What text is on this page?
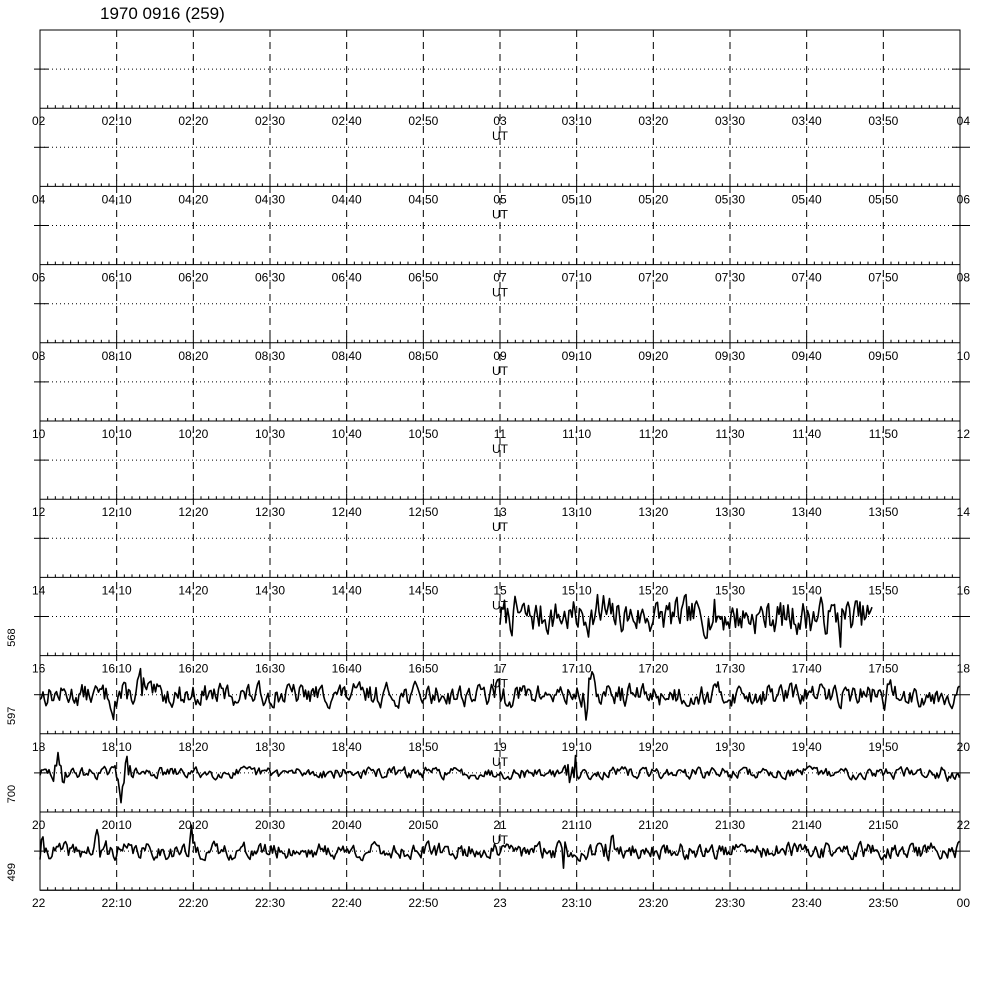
1970 0916 (259)
568
597
700
499
02	02:10	02:20	02:30	02:40	02:50	03	03:10	03:20	03:30	03:40	03:50	04
UT
04	04:10	04:20	04:30	04:40	04:50	05	05:10	05:20	05:30	05:40	05:50	06
UT
06	06:10	06:20	06:30	06:40	06:50	07	07:10	07:20	07:30	07:40	07:50	08
UT
08	08:10	08:20	08:30	08:40	08:50	09	09:10	09:20	09:30	09:40	09:50	10
UT
10	10:10	10:20	10:30	10:40	10:50	11	11:10	11:20	11:30	11:40	11:50	12
UT
12	12:10	12:20	12:30	12:40	12:50	13	13:10	13:20	13:30	13:40	13:50	14
UT
14	14:10	14:20	14:30	14:40	14:50	15	15:10	15:20	15:30	15:40	15:50	16
UT
16	16:10	16:20	16:30	16:40	16:50	17	17:10	17:20	17:30	17:40	17:50	18
UT
18	18:10	18:20	18:30	18:40	18:50	19	19:10	19:20	19:30	19:40	19:50	20
UT
20	20:10	20:20	20:30	20:40	20:50	21	21:10	21:20	21:30	21:40	21:50	22
UT
22	22:10	22:20	22:30	22:40	22:50	23	23:10	23:20	23:30	23:40	23:50	00
